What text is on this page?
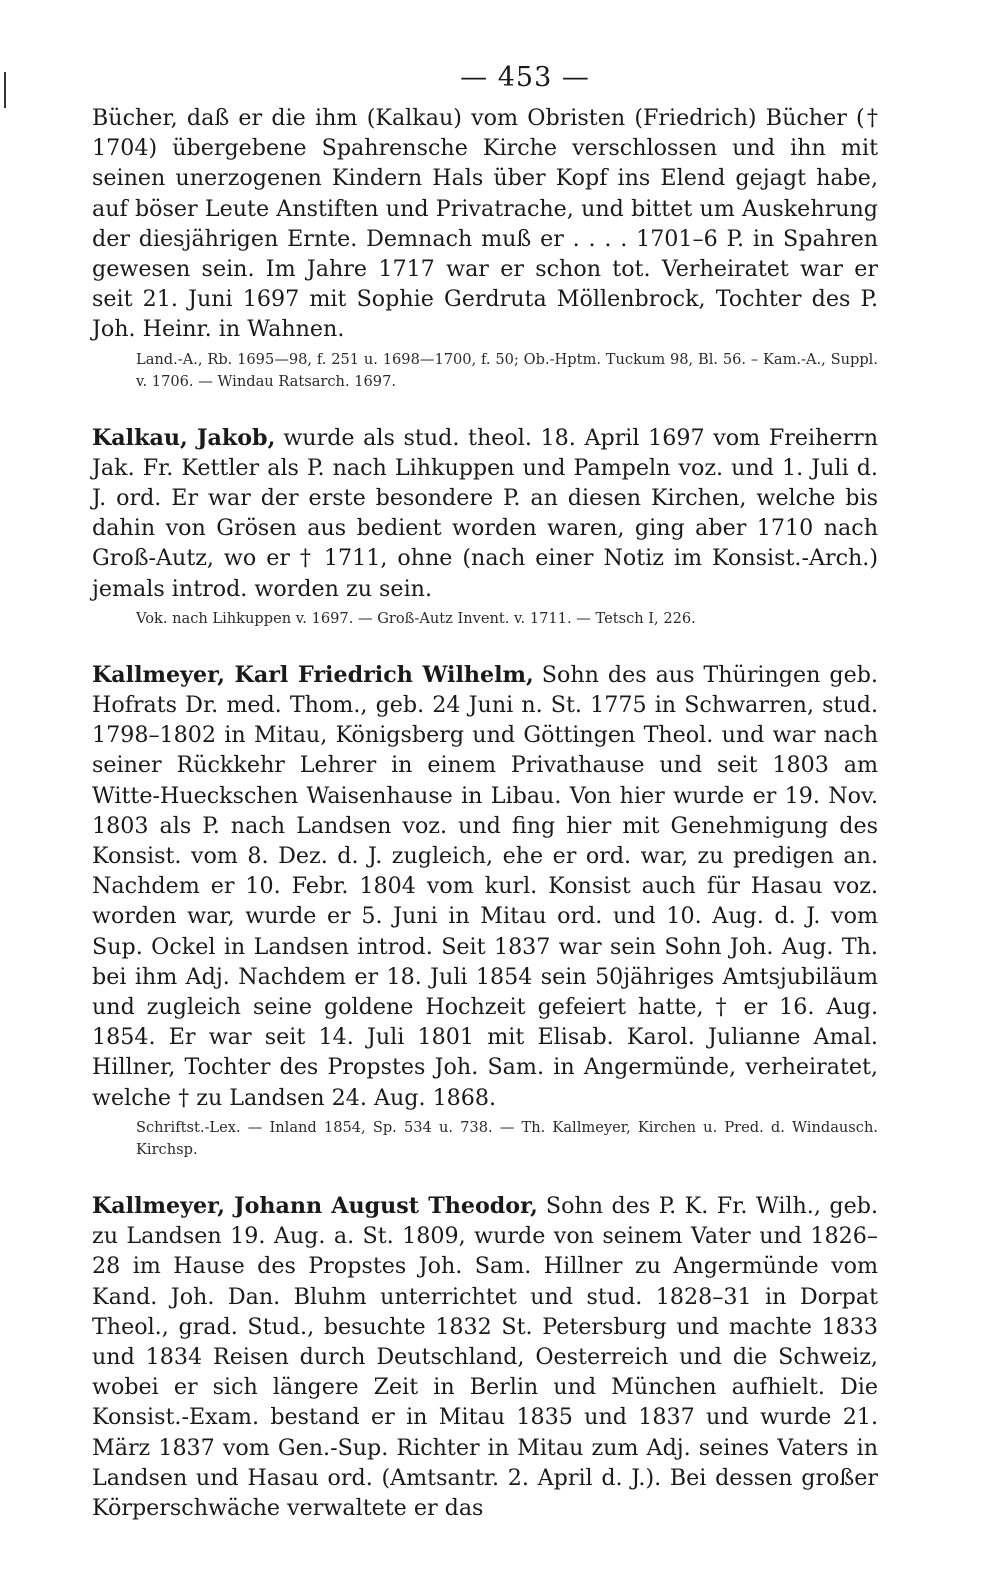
— 453 —

Bücher, daß er die ihm (Kalkau) vom Obristen (Friedrich) Bücher († 1704) übergebene Spahrensche Kirche verschlossen und ihn mit seinen unerzogenen Kindern Hals über Kopf ins Elend gejagt habe, auf böser Leute Anstiften und Privatrache, und bittet um Auskehrung der diesjährigen Ernte. Demnach muß er . . . . 1701–6 P. in Spahren gewesen sein. Im Jahre 1717 war er schon tot. Verheiratet war er seit 21. Juni 1697 mit Sophie Gerdruta Möllenbrock, Tochter des P. Joh. Heinr. in Wahnen.

Land.-A., Rb. 1695—98, f. 251 u. 1698—1700, f. 50; Ob.-Hptm. Tuckum 98, Bl. 56. – Kam.-A., Suppl. v. 1706. — Windau Ratsarch. 1697.

Kalkau, Jakob, wurde als stud. theol. 18. April 1697 vom Freiherrn Jak. Fr. Kettler als P. nach Lihkuppen und Pampeln voz. und 1. Juli d. J. ord. Er war der erste besondere P. an diesen Kirchen, welche bis dahin von Grösen aus bedient worden waren, ging aber 1710 nach Groß-Autz, wo er † 1711, ohne (nach einer Notiz im Konsist.-Arch.) jemals introd. worden zu sein.

Vok. nach Lihkuppen v. 1697. — Groß-Autz Invent. v. 1711. — Tetsch I, 226.

Kallmeyer, Karl Friedrich Wilhelm, Sohn des aus Thüringen geb. Hofrats Dr. med. Thom., geb. 24 Juni n. St. 1775 in Schwarren, stud. 1798–1802 in Mitau, Königsberg und Göttingen Theol. und war nach seiner Rückkehr Lehrer in einem Privathause und seit 1803 am Witte-Hueckschen Waisenhause in Libau. Von hier wurde er 19. Nov. 1803 als P. nach Landsen voz. und fing hier mit Genehmigung des Konsist. vom 8. Dez. d. J. zugleich, ehe er ord. war, zu predigen an. Nachdem er 10. Febr. 1804 vom kurl. Konsist auch für Hasau voz. worden war, wurde er 5. Juni in Mitau ord. und 10. Aug. d. J. vom Sup. Ockel in Landsen introd. Seit 1837 war sein Sohn Joh. Aug. Th. bei ihm Adj. Nachdem er 18. Juli 1854 sein 50jähriges Amtsjubiläum und zugleich seine goldene Hochzeit gefeiert hatte, † er 16. Aug. 1854. Er war seit 14. Juli 1801 mit Elisab. Karol. Julianne Amal. Hillner, Tochter des Propstes Joh. Sam. in Angermünde, verheiratet, welche † zu Landsen 24. Aug. 1868.

Schriftst.-Lex. — Inland 1854, Sp. 534 u. 738. — Th. Kallmeyer, Kirchen u. Pred. d. Windausch. Kirchsp.

Kallmeyer, Johann August Theodor, Sohn des P. K. Fr. Wilh., geb. zu Landsen 19. Aug. a. St. 1809, wurde von seinem Vater und 1826–28 im Hause des Propstes Joh. Sam. Hillner zu Angermünde vom Kand. Joh. Dan. Bluhm unterrichtet und stud. 1828–31 in Dorpat Theol., grad. Stud., besuchte 1832 St. Petersburg und machte 1833 und 1834 Reisen durch Deutschland, Oesterreich und die Schweiz, wobei er sich längere Zeit in Berlin und München aufhielt. Die Konsist.-Exam. bestand er in Mitau 1835 und 1837 und wurde 21. März 1837 vom Gen.-Sup. Richter in Mitau zum Adj. seines Vaters in Landsen und Hasau ord. (Amtsantr. 2. April d. J.). Bei dessen großer Körperschwäche verwaltete er das
